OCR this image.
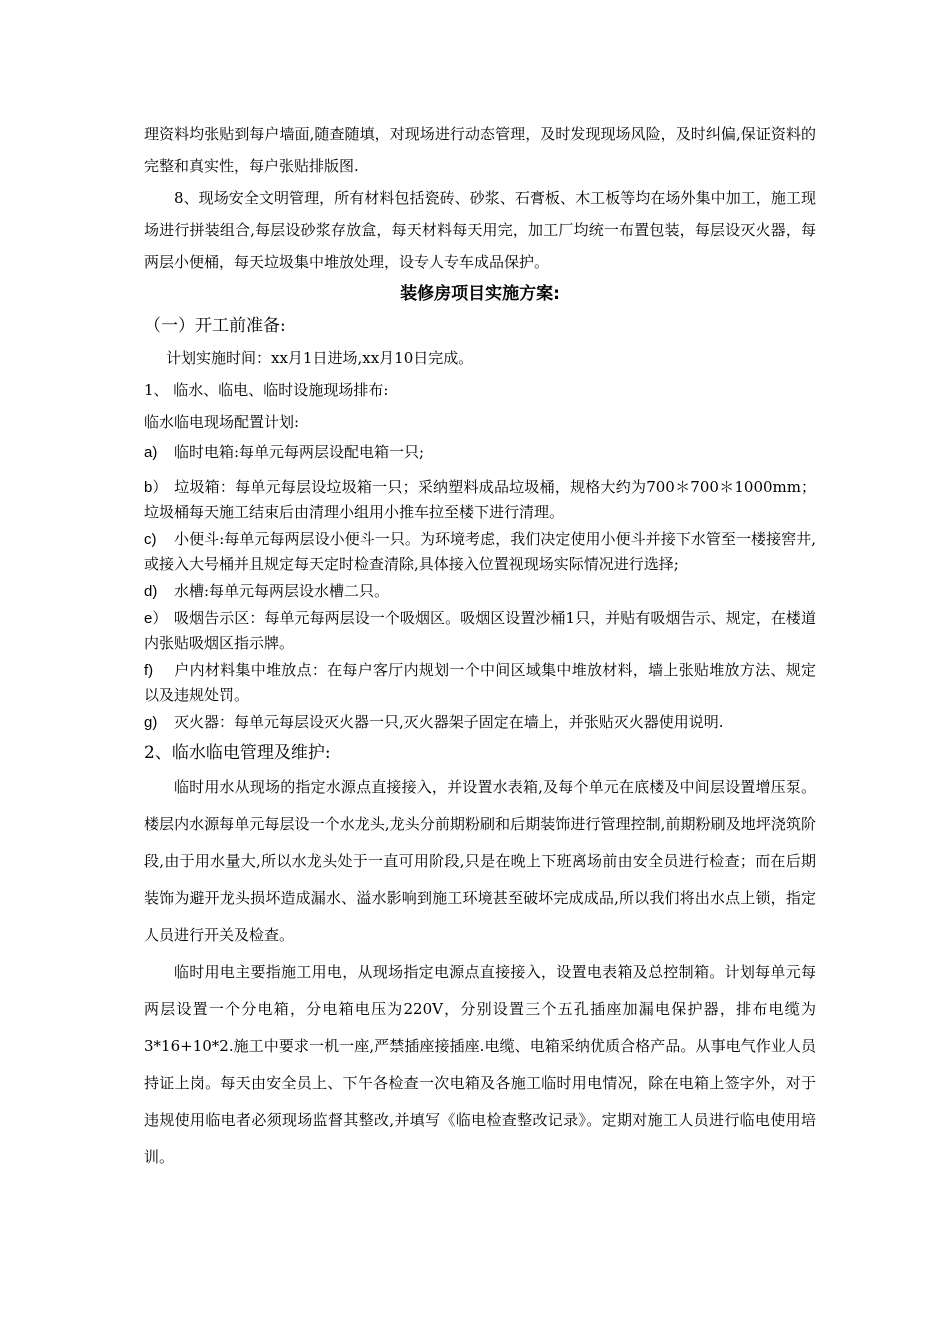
理资料均张贴到每户墙面,随查随填，对现场进行动态管理，及时发现现场风险，及时纠偏,保证资料的完整和真实性，每户张贴排版图.

8、现场安全文明管理，所有材料包括瓷砖、砂浆、石膏板、木工板等均在场外集中加工，施工现场进行拼装组合,每层设砂浆存放盒，每天材料每天用完，加工厂均统一布置包装，每层设灭火器，每两层小便桶，每天垃圾集中堆放处理，设专人专车成品保护。

装修房项目实施方案:

（一）开工前准备:

计划实施时间：xx月1日进场,xx月10日完成。

1、 临水、临电、临时设施现场排布:

临水临电现场配置计划:

a) 临时电箱:每单元每两层设配电箱一只;

b） 垃圾箱：每单元每层设垃圾箱一只；采纳塑料成品垃圾桶，规格大约为700＊700＊1000mm；垃圾桶每天施工结束后由清理小组用小推车拉至楼下进行清理。

c) 小便斗:每单元每两层设小便斗一只。为环境考虑，我们决定使用小便斗并接下水管至一楼接窖井,或接入大号桶并且规定每天定时检查清除,具体接入位置视现场实际情况进行选择;

d) 水槽:每单元每两层设水槽二只。

e） 吸烟告示区：每单元每两层设一个吸烟区。吸烟区设置沙桶1只，并贴有吸烟告示、规定，在楼道内张贴吸烟区指示牌。

f) 户内材料集中堆放点：在每户客厅内规划一个中间区域集中堆放材料，墙上张贴堆放方法、规定以及违规处罚。

g) 灭火器：每单元每层设灭火器一只,灭火器架子固定在墙上，并张贴灭火器使用说明.

2、临水临电管理及维护:

临时用水从现场的指定水源点直接接入，并设置水表箱,及每个单元在底楼及中间层设置增压泵。楼层内水源每单元每层设一个水龙头,龙头分前期粉刷和后期装饰进行管理控制,前期粉刷及地坪浇筑阶段,由于用水量大,所以水龙头处于一直可用阶段,只是在晚上下班离场前由安全员进行检查；而在后期装饰为避开龙头损坏造成漏水、溢水影响到施工环境甚至破坏完成成品,所以我们将出水点上锁，指定人员进行开关及检查。

临时用电主要指施工用电，从现场指定电源点直接接入，设置电表箱及总控制箱。计划每单元每两层设置一个分电箱，分电箱电压为220V，分别设置三个五孔插座加漏电保护器，排布电缆为3*16+10*2.施工中要求一机一座,严禁插座接插座.电缆、电箱采纳优质合格产品。从事电气作业人员持证上岗。每天由安全员上、下午各检查一次电箱及各施工临时用电情况，除在电箱上签字外，对于违规使用临电者必须现场监督其整改,并填写《临电检查整改记录》。定期对施工人员进行临电使用培训。
